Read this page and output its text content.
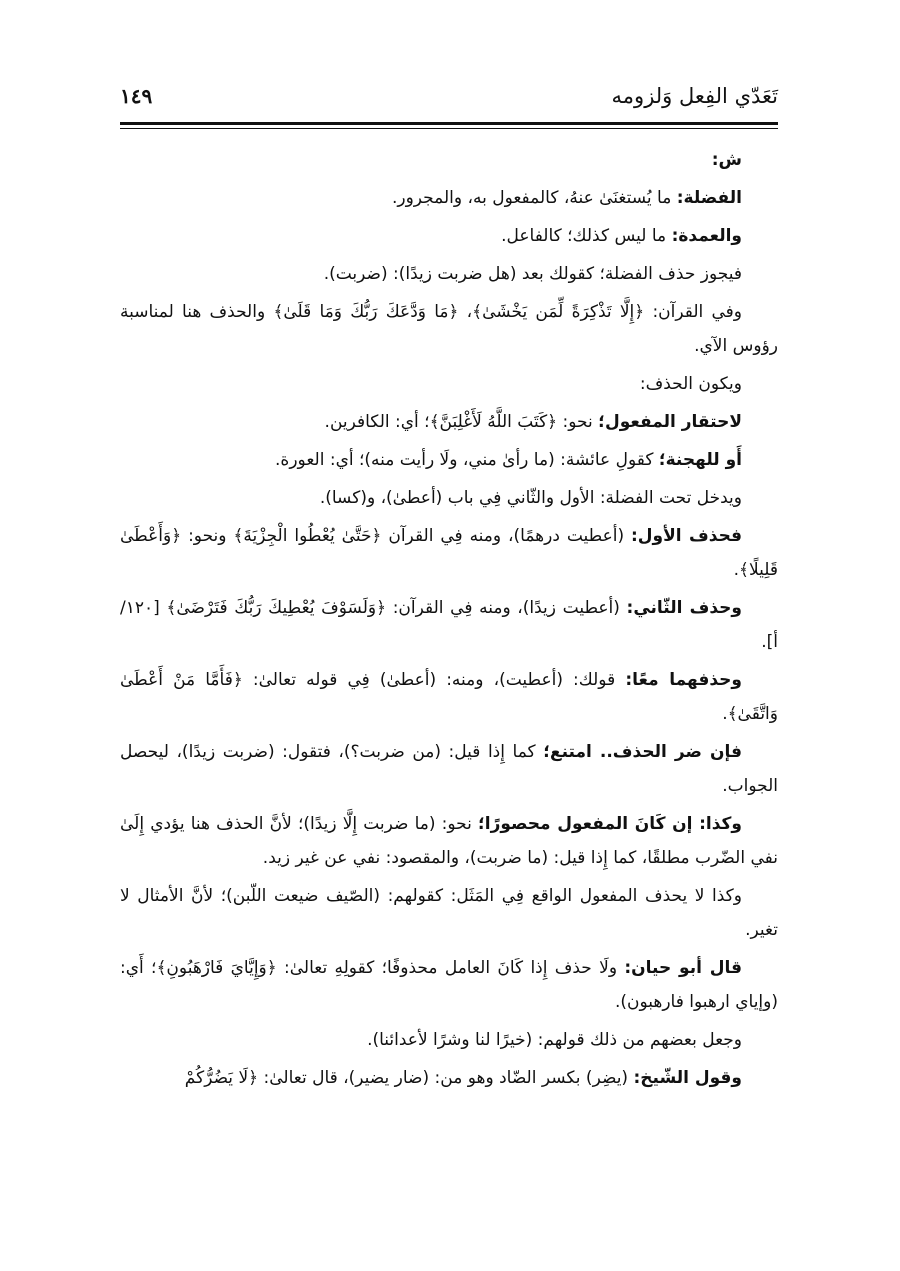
تَعَدّي الفِعل وَلزومه
١٤٩

ش:

الفضلة: ما يُستغنَىٰ عنهُ، كالمفعول به، والمجرور.

والعمدة: ما ليس كذلك؛ كالفاعل.

فيجوز حذف الفضلة؛ كقولك بعد (هل ضربت زيدًا): (ضربت).

وفي القرآن: ﴿إِلَّا تَذْكِرَةً لِّمَن يَخْشَىٰ﴾، ﴿مَا وَدَّعَكَ رَبُّكَ وَمَا قَلَىٰ﴾ والحذف هنا لمناسبة رؤوس الآي.

ويكون الحذف:

لاحتقار المفعول؛ نحو: ﴿كَتَبَ اللَّهُ لَأَغْلِبَنَّ﴾؛ أي: الكافرين.

أَو للهجنة؛ كقولِ عائشة: (ما رأىٰ مني، ولَا رأيت منه)؛ أي: العورة.

ويدخل تحت الفضلة: الأول والثّاني فِي باب (أعطىٰ)، و(كسا).

فحذف الأول: (أعطيت درهمًا)، ومنه فِي القرآن ﴿حَتَّىٰ يُعْطُوا الْجِزْيَةَ﴾ ونحو: ﴿وَأَعْطَىٰ قَلِيلًا﴾.

وحذف الثّاني: (أعطيت زيدًا)، ومنه فِي القرآن: ﴿وَلَسَوْفَ يُعْطِيكَ رَبُّكَ فَتَرْضَىٰ﴾ [١٢٠/أ].

وحذفهما معًا: قولك: (أعطيت)، ومنه: (أعطىٰ) فِي قوله تعالىٰ: ﴿فَأَمَّا مَنْ أَعْطَىٰ وَاتَّقَىٰ﴾.

فإن ضر الحذف.. امتنع؛ كما إِذا قيل: (من ضربت؟)، فتقول: (ضربت زيدًا)، ليحصل الجواب.

وكذا: إن كَانَ المفعول محصورًا؛ نحو: (ما ضربت إِلَّا زيدًا)؛ لأنَّ الحذف هنا يؤدي إِلَىٰ نفي الضّرب مطلقًا، كما إِذا قيل: (ما ضربت)، والمقصود: نفي عن غير زيد.

وكذا لا يحذف المفعول الواقع فِي المَثَل: كقولهم: (الصّيف ضيعت اللّبن)؛ لأنَّ الأمثال لا تغير.

قال أبو حيان: ولَا حذف إِذا كَانَ العامل محذوفًا؛ كقولِهِ تعالىٰ: ﴿وَإِيَّايَ فَارْهَبُونِ﴾؛ أَي: (وإياي ارهبوا فارهبون).

وجعل بعضهم من ذلك قولهم: (خيرًا لنا وشرًا لأعدائنا).

وقول الشّيخ: (يضِر) بكسر الضّاد وهو من: (ضار يضير)، قال تعالىٰ: ﴿لَا يَضُرُّكُمْ
